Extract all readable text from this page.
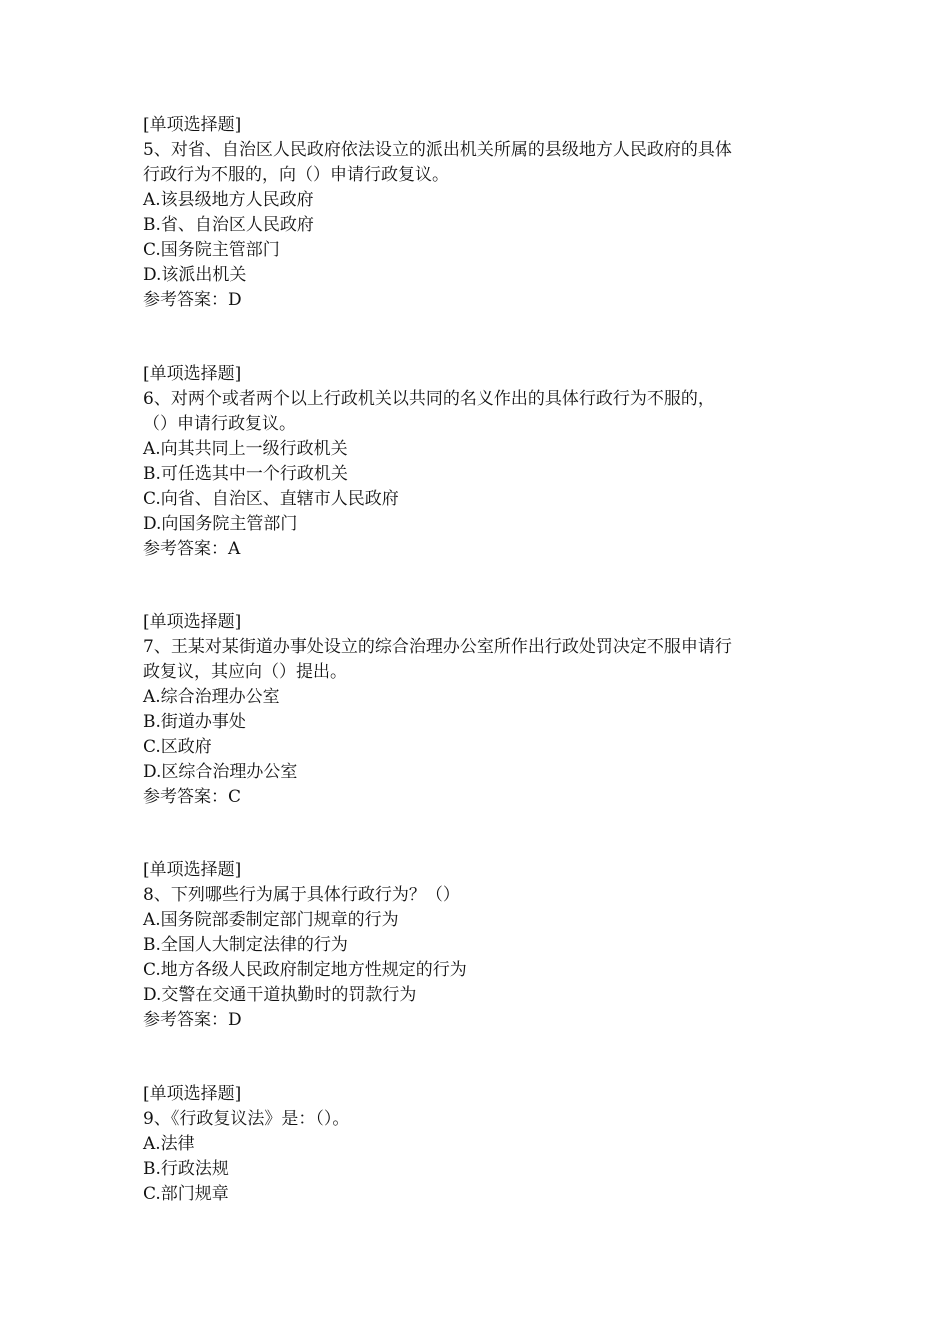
[单项选择题]
5、对省、自治区人民政府依法设立的派出机关所属的县级地方人民政府的具体
行政行为不服的，向（）申请行政复议。
A.该县级地方人民政府
B.省、自治区人民政府
C.国务院主管部门
D.该派出机关
参考答案：D
[单项选择题]
6、对两个或者两个以上行政机关以共同的名义作出的具体行政行为不服的，
（）申请行政复议。
A.向其共同上一级行政机关
B.可任选其中一个行政机关
C.向省、自治区、直辖市人民政府
D.向国务院主管部门
参考答案：A
[单项选择题]
7、王某对某街道办事处设立的综合治理办公室所作出行政处罚决定不服申请行
政复议，其应向（）提出。
A.综合治理办公室
B.街道办事处
C.区政府
D.区综合治理办公室
参考答案：C
[单项选择题]
8、下列哪些行为属于具体行政行为？（）
A.国务院部委制定部门规章的行为
B.全国人大制定法律的行为
C.地方各级人民政府制定地方性规定的行为
D.交警在交通干道执勤时的罚款行为
参考答案：D
[单项选择题]
9、《行政复议法》是：（）。
A.法律
B.行政法规
C.部门规章
